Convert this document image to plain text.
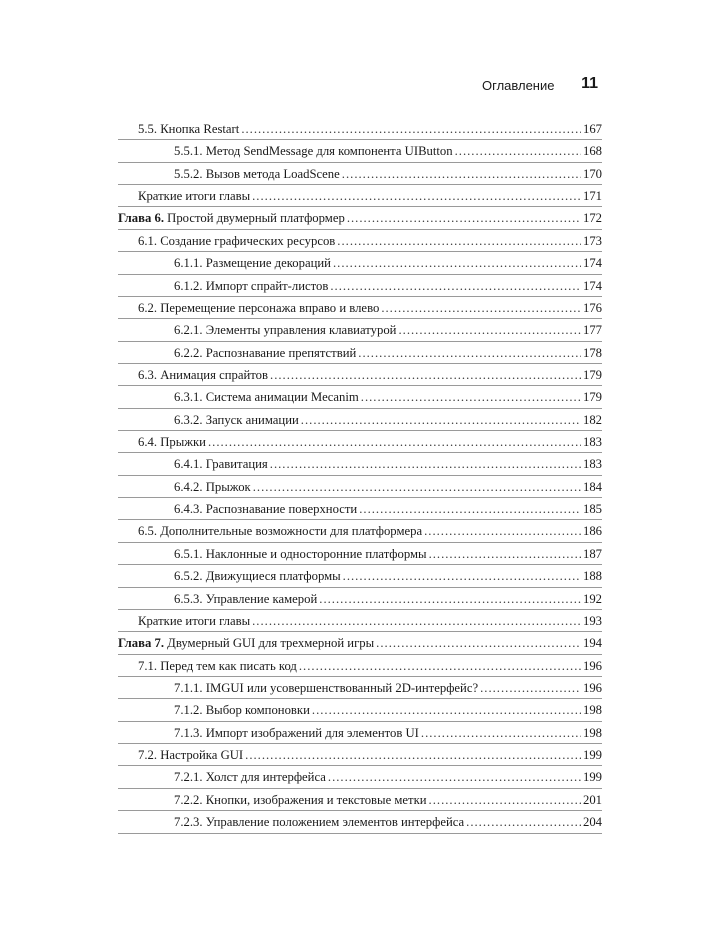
Оглавление 11
5.5. Кнопка Restart .....	167
5.5.1. Метод SendMessage для компонента UIButton .....	168
5.5.2. Вызов метода LoadScene .....	170
Краткие итоги главы .....	171
Глава 6. Простой двумерный платформер .....	172
6.1. Создание графических ресурсов .....	173
6.1.1. Размещение декораций .....	174
6.1.2. Импорт спрайт-листов .....	174
6.2. Перемещение персонажа вправо и влево .....	176
6.2.1. Элементы управления клавиатурой .....	177
6.2.2. Распознавание препятствий .....	178
6.3. Анимация спрайтов .....	179
6.3.1. Система анимации Mecanim .....	179
6.3.2. Запуск анимации .....	182
6.4. Прыжки .....	183
6.4.1. Гравитация .....	183
6.4.2. Прыжок .....	184
6.4.3. Распознавание поверхности .....	185
6.5. Дополнительные возможности для платформера .....	186
6.5.1. Наклонные и односторонние платформы .....	187
6.5.2. Движущиеся платформы .....	188
6.5.3. Управление камерой .....	192
Краткие итоги главы .....	193
Глава 7. Двумерный GUI для трехмерной игры .....	194
7.1. Перед тем как писать код .....	196
7.1.1. IMGUI или усовершенствованный 2D-интерфейс? .....	196
7.1.2. Выбор компоновки .....	198
7.1.3. Импорт изображений для элементов UI .....	198
7.2. Настройка GUI .....	199
7.2.1. Холст для интерфейса .....	199
7.2.2. Кнопки, изображения и текстовые метки .....	201
7.2.3. Управление положением элементов интерфейса .....	204
